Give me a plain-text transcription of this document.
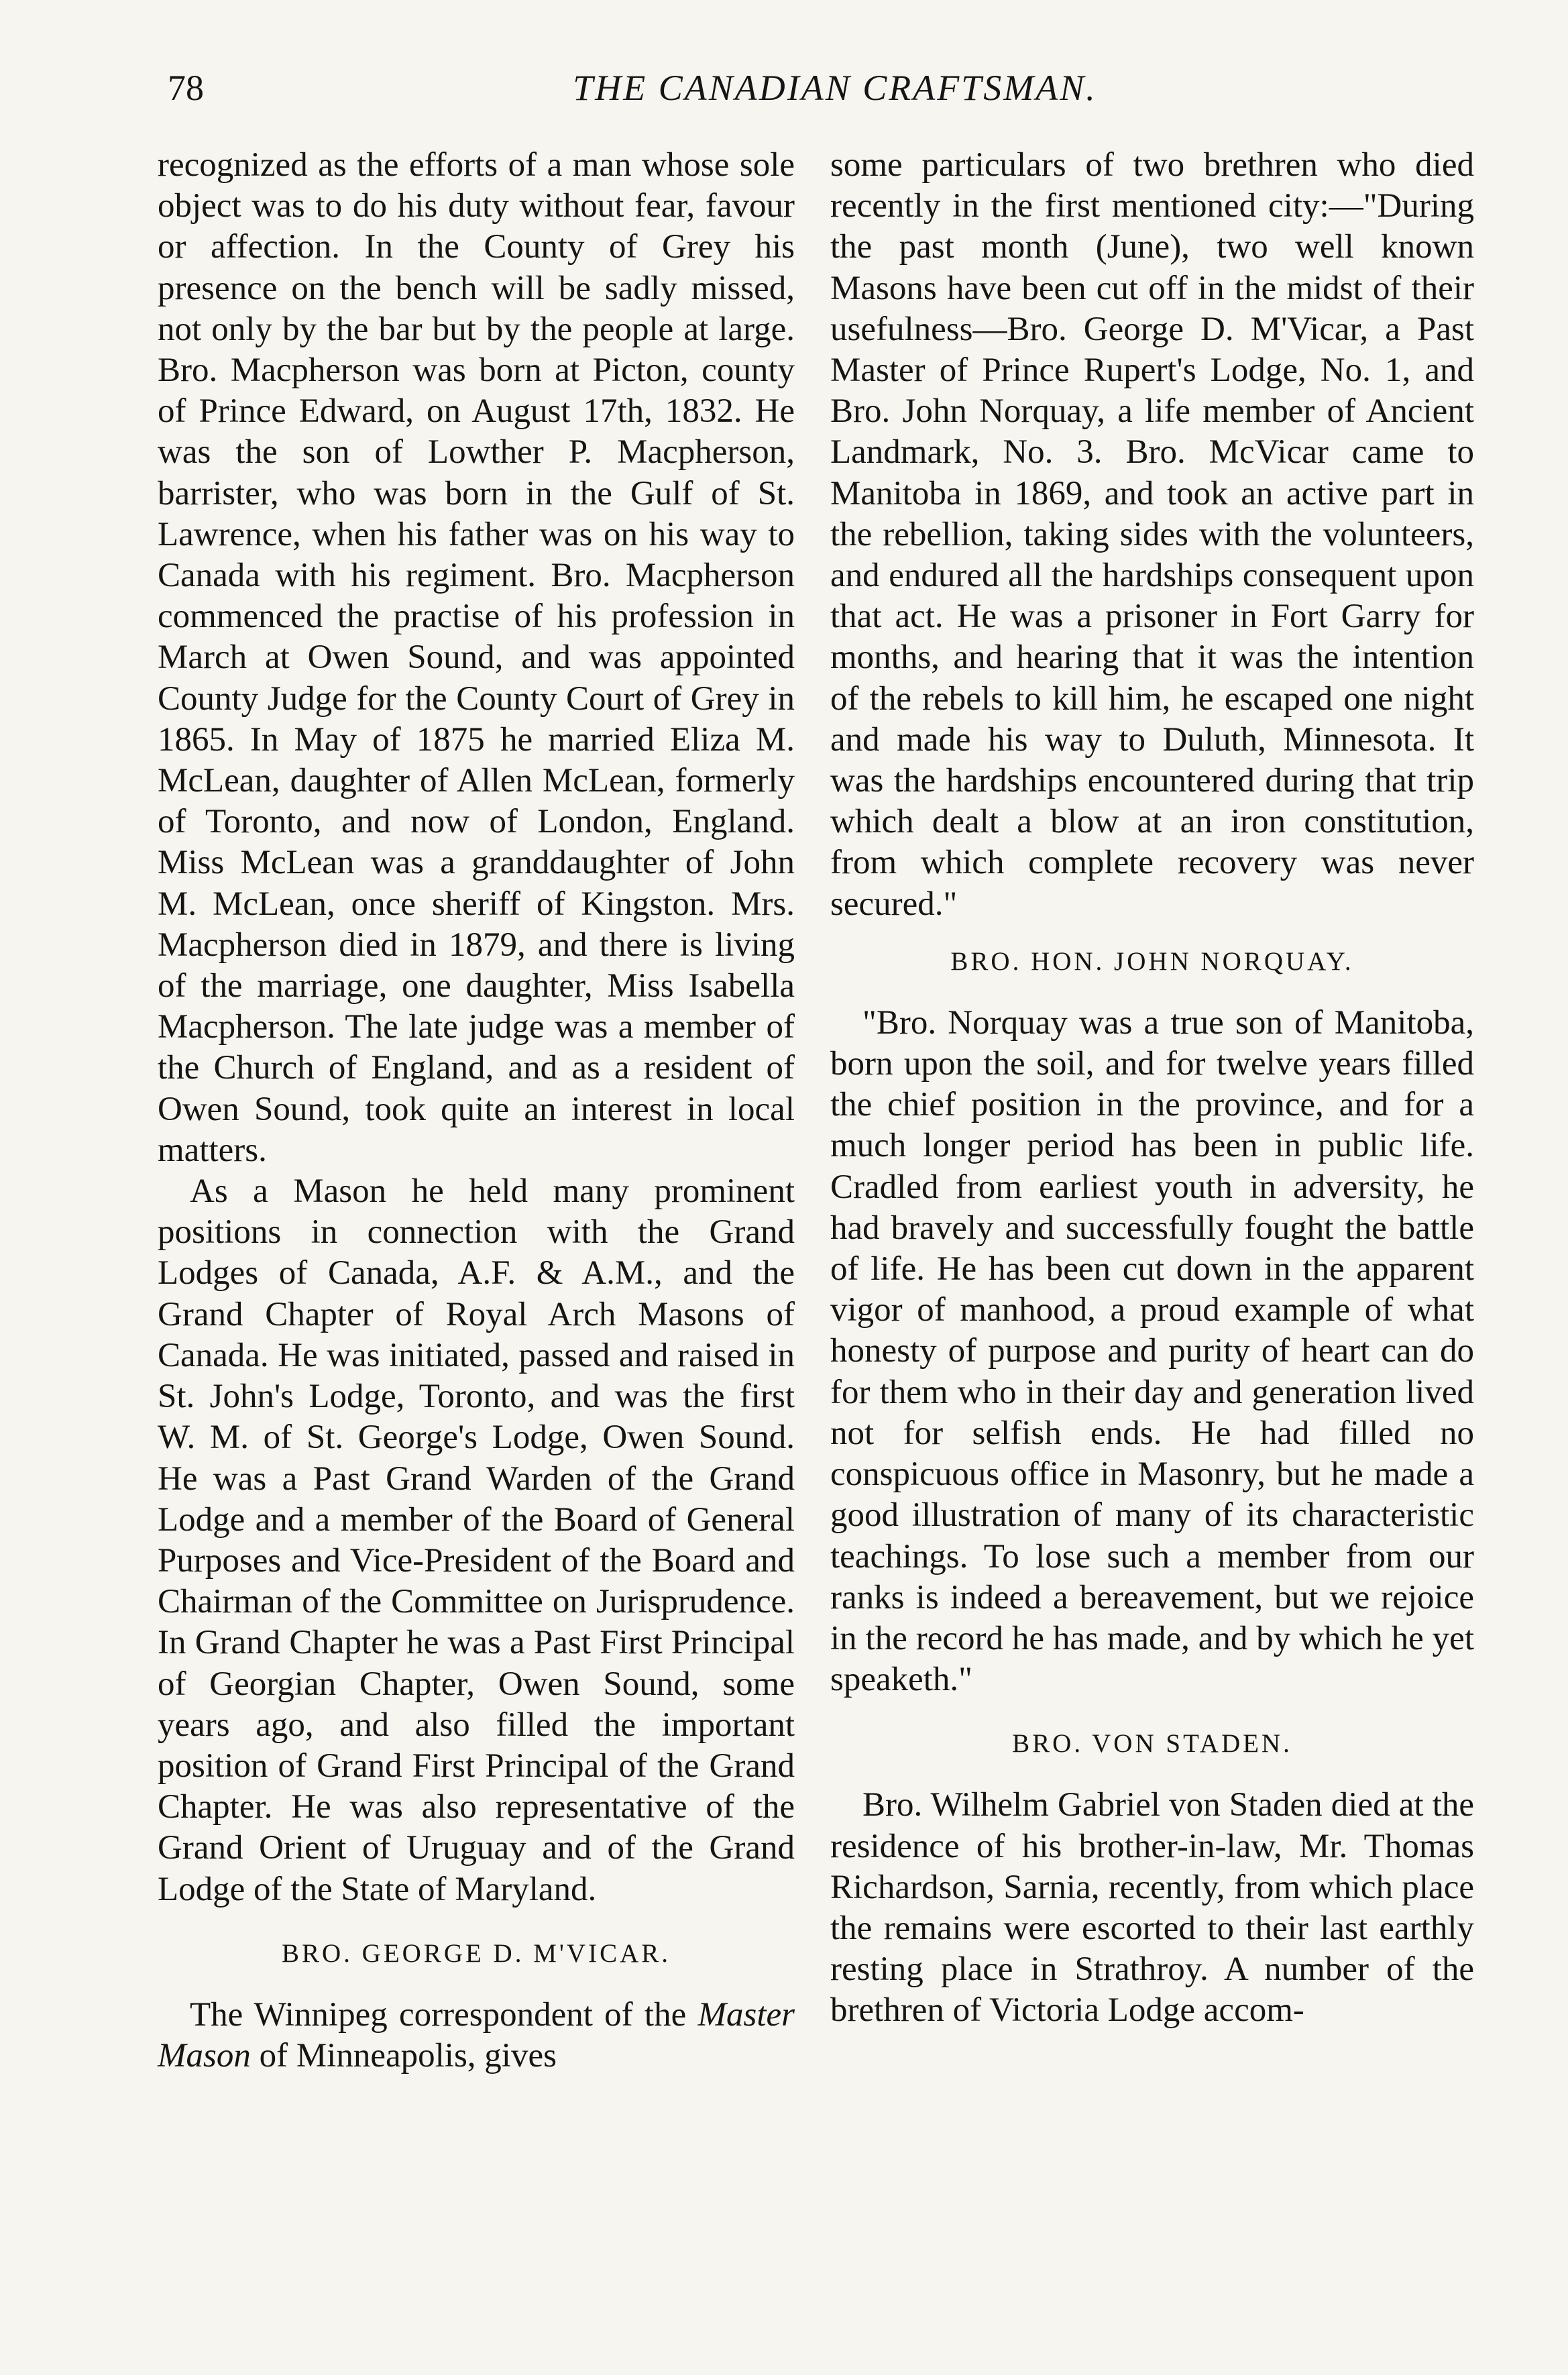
78	THE CANADIAN CRAFTSMAN.

recognized as the efforts of a man whose sole object was to do his duty without fear, favour or affection. In the County of Grey his presence on the bench will be sadly missed, not only by the bar but by the people at large. Bro. Macpherson was born at Picton, county of Prince Edward, on August 17th, 1832. He was the son of Lowther P. Macpherson, barrister, who was born in the Gulf of St. Lawrence, when his father was on his way to Canada with his regiment. Bro. Macpherson commenced the practise of his profession in March at Owen Sound, and was appointed County Judge for the County Court of Grey in 1865. In May of 1875 he married Eliza M. McLean, daughter of Allen McLean, formerly of Toronto, and now of London, England. Miss McLean was a granddaughter of John M. McLean, once sheriff of Kingston. Mrs. Macpherson died in 1879, and there is living of the marriage, one daughter, Miss Isabella Macpherson. The late judge was a member of the Church of England, and as a resident of Owen Sound, took quite an interest in local matters.

As a Mason he held many prominent positions in connection with the Grand Lodges of Canada, A.F. & A.M., and the Grand Chapter of Royal Arch Masons of Canada. He was initiated, passed and raised in St. John's Lodge, Toronto, and was the first W. M. of St. George's Lodge, Owen Sound. He was a Past Grand Warden of the Grand Lodge and a member of the Board of General Purposes and Vice-President of the Board and Chairman of the Committee on Jurisprudence. In Grand Chapter he was a Past First Principal of Georgian Chapter, Owen Sound, some years ago, and also filled the important position of Grand First Principal of the Grand Chapter. He was also representative of the Grand Orient of Uruguay and of the Grand Lodge of the State of Maryland.

BRO. GEORGE D. M'VICAR.

The Winnipeg correspondent of the Master Mason of Minneapolis, gives

some particulars of two brethren who died recently in the first mentioned city:—"During the past month (June), two well known Masons have been cut off in the midst of their usefulness—Bro. George D. M'Vicar, a Past Master of Prince Rupert's Lodge, No. 1, and Bro. John Norquay, a life member of Ancient Landmark, No. 3. Bro. McVicar came to Manitoba in 1869, and took an active part in the rebellion, taking sides with the volunteers, and endured all the hardships consequent upon that act. He was a prisoner in Fort Garry for months, and hearing that it was the intention of the rebels to kill him, he escaped one night and made his way to Duluth, Minnesota. It was the hardships encountered during that trip which dealt a blow at an iron constitution, from which complete recovery was never secured."

BRO. HON. JOHN NORQUAY.

"Bro. Norquay was a true son of Manitoba, born upon the soil, and for twelve years filled the chief position in the province, and for a much longer period has been in public life. Cradled from earliest youth in adversity, he had bravely and successfully fought the battle of life. He has been cut down in the apparent vigor of manhood, a proud example of what honesty of purpose and purity of heart can do for them who in their day and generation lived not for selfish ends. He had filled no conspicuous office in Masonry, but he made a good illustration of many of its characteristic teachings. To lose such a member from our ranks is indeed a bereavement, but we rejoice in the record he has made, and by which he yet speaketh."

BRO. VON STADEN.

Bro. Wilhelm Gabriel von Staden died at the residence of his brother-in-law, Mr. Thomas Richardson, Sarnia, recently, from which place the remains were escorted to their last earthly resting place in Strathroy. A number of the brethren of Victoria Lodge accom-
